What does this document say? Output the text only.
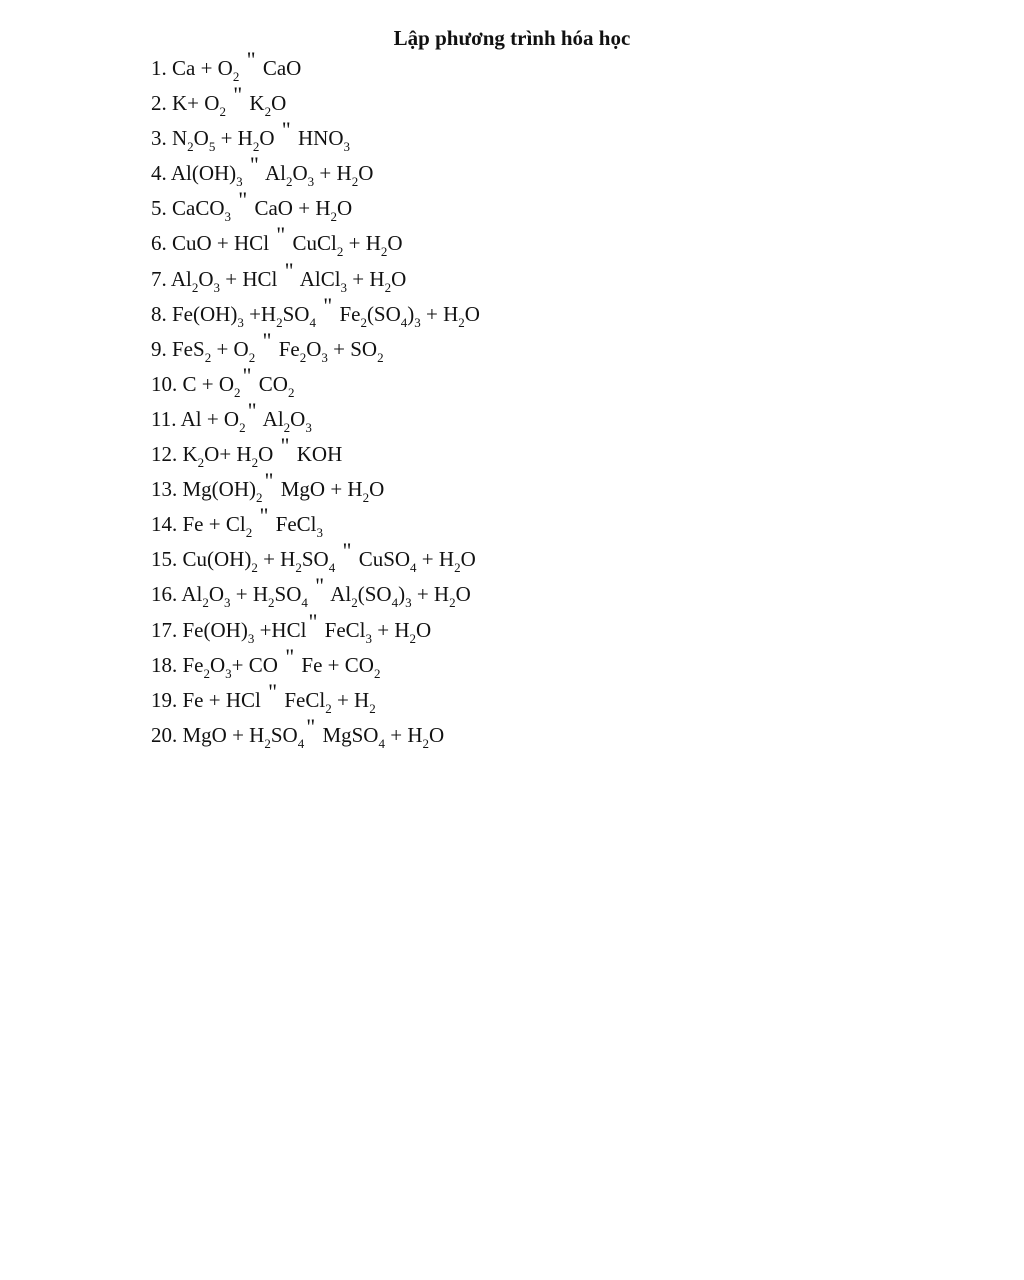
Lập phương trình hóa học
1. $Ca + O_2$ " CaO
2. $K+ O_2$ " $K_2O$
3. $N_2O_5 + H_2O$ " $HNO_3$
4. $Al(OH)_3$ " $Al_2O_3 + H_2O$
5. CaCO$_3$ " CaO + $H_2O$
6. CuO + HCl " CuCl$_2$ + $H_2O$
7. $Al_2O_3$ + HCl " AlCl$_3$ + $H_2O$
8. $Fe(OH)_3 +H_2SO_4$ " $Fe_2(SO_4)_3 + H_2O$
9. $FeS_2 + O_2$ " $Fe_2O_3 + SO_2$
10. $C + O_2$" $CO_2$
11. $Al + O_2$" $Al_2O_3$
12. $K_2O+ H_2O$ " KOH
13. $Mg(OH)_2$" MgO + $H_2O$
14. $Fe + Cl_2$ " FeCl$_3$
15. $Cu(OH)_2 + H_2SO_4$ " CuSO$_4$ + $H_2O$
16. $Al_2O_3 + H_2SO_4$ " $Al_2(SO_4)_3 + H_2O$
17. $Fe(OH)_3 +HCl$" FeCl$_3$ + $H_2O$
18. $Fe_2O_3+$ CO " $Fe + CO_2$
19. Fe + HCl " FeCl$_2$ + $H_2$
20. MgO + $H_2SO_4$" MgSO$_4$ + $H_2O$
